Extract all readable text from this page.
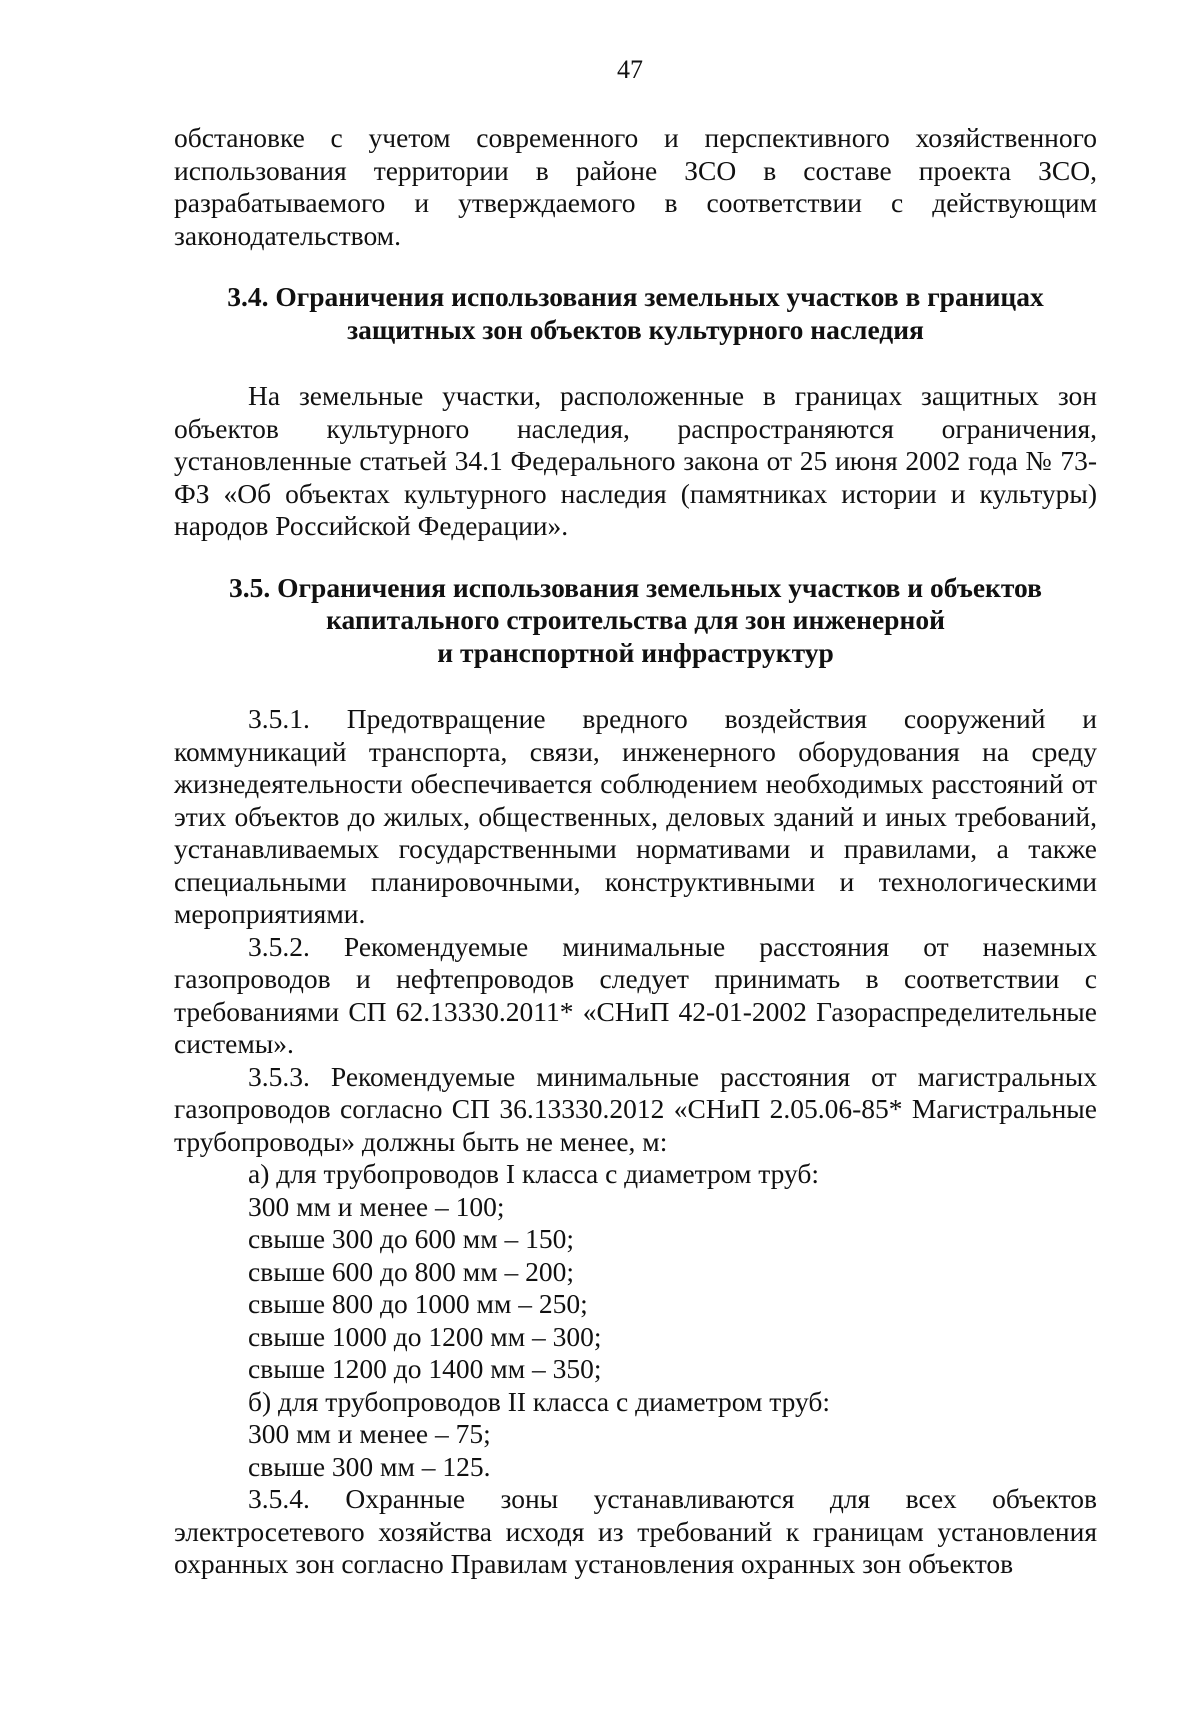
47

обстановке с учетом современного и перспективного хозяйственного использования территории в районе ЗСО в составе проекта ЗСО, разрабатываемого и утверждаемого в соответствии с действующим законодательством.

3.4. Ограничения использования земельных участков в границах

защитных зон объектов культурного наследия

На земельные участки, расположенные в границах защитных зон объектов культурного наследия, распространяются ограничения, установленные статьей 34.1 Федерального закона от 25 июня 2002 года № 73-ФЗ «Об объектах культурного наследия (памятниках истории и культуры) народов Российской Федерации».

3.5. Ограничения использования земельных участков и объектов

капитального строительства для зон инженерной

и транспортной инфраструктур

3.5.1. Предотвращение вредного воздействия сооружений и коммуникаций транспорта, связи, инженерного оборудования на среду жизнедеятельности обеспечивается соблюдением необходимых расстояний от этих объектов до жилых, общественных, деловых зданий и иных требований, устанавливаемых государственными нормативами и правилами, а также специальными планировочными, конструктивными и технологическими мероприятиями.

3.5.2. Рекомендуемые минимальные расстояния от наземных газопроводов и нефтепроводов следует принимать в соответствии с требованиями СП 62.13330.2011* «СНиП 42-01-2002 Газораспределительные системы».

3.5.3. Рекомендуемые минимальные расстояния от магистральных газопроводов согласно СП 36.13330.2012 «СНиП 2.05.06-85* Магистральные трубопроводы» должны быть не менее, м:

а) для трубопроводов I класса с диаметром труб:

300 мм и менее – 100;

свыше 300 до 600 мм – 150;

свыше 600 до 800 мм – 200;

свыше 800 до 1000 мм – 250;

свыше 1000 до 1200 мм – 300;

свыше 1200 до 1400 мм – 350;

б) для трубопроводов II класса с диаметром труб:

300 мм и менее – 75;

свыше 300 мм – 125.

3.5.4. Охранные зоны устанавливаются для всех объектов электросетевого хозяйства исходя из требований к границам установления охранных зон согласно Правилам установления охранных зон объектов
